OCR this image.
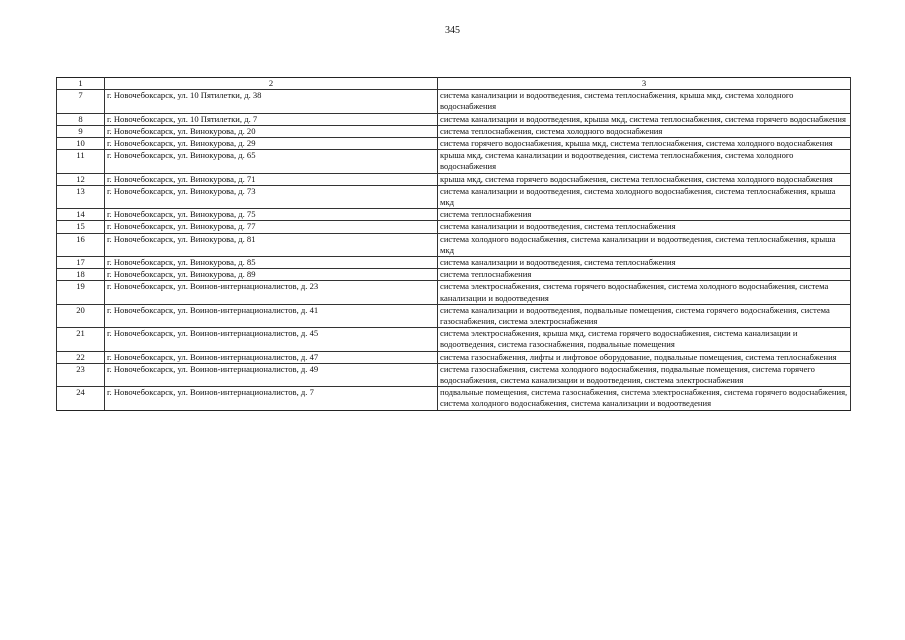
345
1	2	3
7	г. Новочебоксарск, ул. 10 Пятилетки, д. 38	система канализации и водоотведения, система теплоснабжения, крыша мкд, система холодного водоснабжения
8	г. Новочебоксарск, ул. 10 Пятилетки, д. 7	система канализации и водоотведения, крыша мкд, система теплоснабжения, система горячего водоснабжения
9	г. Новочебоксарск, ул. Винокурова, д. 20	система теплоснабжения, система холодного водоснабжения
10	г. Новочебоксарск, ул. Винокурова, д. 29	система горячего водоснабжения, крыша мкд, система теплоснабжения, система холодного водоснабжения
11	г. Новочебоксарск, ул. Винокурова, д. 65	крыша мкд, система канализации и водоотведения, система теплоснабжения, система холодного водоснабжения
12	г. Новочебоксарск, ул. Винокурова, д. 71	крыша мкд, система горячего водоснабжения, система теплоснабжения, система холодного водоснабжения
13	г. Новочебоксарск, ул. Винокурова, д. 73	система канализации и водоотведения, система холодного водоснабжения, система теплоснабжения, крыша мкд
14	г. Новочебоксарск, ул. Винокурова, д. 75	система теплоснабжения
15	г. Новочебоксарск, ул. Винокурова, д. 77	система канализации и водоотведения, система теплоснабжения
16	г. Новочебоксарск, ул. Винокурова, д. 81	система холодного водоснабжения, система канализации и водоотведения, система теплоснабжения, крыша мкд
17	г. Новочебоксарск, ул. Винокурова, д. 85	система канализации и водоотведения, система теплоснабжения
18	г. Новочебоксарск, ул. Винокурова, д. 89	система теплоснабжения
19	г. Новочебоксарск, ул. Воинов-интернационалистов, д. 23	система электроснабжения, система горячего водоснабжения, система холодного водоснабжения, система канализации и водоотведения
20	г. Новочебоксарск, ул. Воинов-интернационалистов, д. 41	система канализации и водоотведения, подвальные помещения, система горячего водоснабжения, система газоснабжения, система электроснабжения
21	г. Новочебоксарск, ул. Воинов-интернационалистов, д. 45	система электроснабжения, крыша мкд, система горячего водоснабжения, система канализации и водоотведения, система газоснабжения, подвальные помещения
22	г. Новочебоксарск, ул. Воинов-интернационалистов, д. 47	система газоснабжения, лифты и лифтовое оборудование, подвальные помещения, система теплоснабжения
23	г. Новочебоксарск, ул. Воинов-интернационалистов, д. 49	система газоснабжения, система холодного водоснабжения, подвальные помещения, система горячего водоснабжения, система канализации и водоотведения, система электроснабжения
24	г. Новочебоксарск, ул. Воинов-интернационалистов, д. 7	подвальные помещения, система газоснабжения, система электроснабжения, система горячего водоснабжения, система холодного водоснабжения, система канализации и водоотведения
